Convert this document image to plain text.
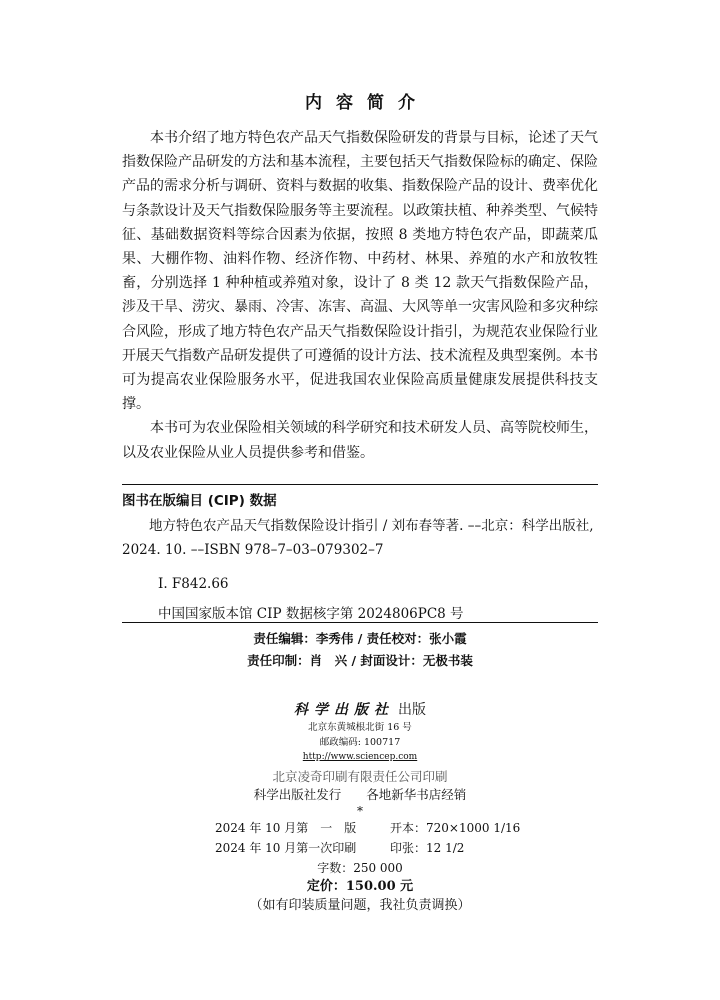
内容简介

本书介绍了地方特色农产品天气指数保险研发的背景与目标，论述了天气指数保险产品研发的方法和基本流程，主要包括天气指数保险标的确定、保险产品的需求分析与调研、资料与数据的收集、指数保险产品的设计、费率优化与条款设计及天气指数保险服务等主要流程。以政策扶植、种养类型、气候特征、基础数据资料等综合因素为依据，按照 8 类地方特色农产品，即蔬菜瓜果、大棚作物、油料作物、经济作物、中药材、林果、养殖的水产和放牧牲畜，分别选择 1 种种植或养殖对象，设计了 8 类 12 款天气指数保险产品，涉及干旱、涝灾、暴雨、冷害、冻害、高温、大风等单一灾害风险和多灾种综合风险，形成了地方特色农产品天气指数保险设计指引，为规范农业保险行业开展天气指数产品研发提供了可遵循的设计方法、技术流程及典型案例。本书可为提高农业保险服务水平，促进我国农业保险高质量健康发展提供科技支撑。

本书可为农业保险相关领域的科学研究和技术研发人员、高等院校师生，以及农业保险从业人员提供参考和借鉴。

图书在版编目 (CIP) 数据
地方特色农产品天气指数保险设计指引 / 刘布春等著. ––北京：科学出版社, 2024. 10. ––ISBN 978–7–03–079302–7
Ⅰ. F842.66
中国国家版本馆 CIP 数据核字第 2024806PC8 号
责任编辑：李秀伟 / 责任校对：张小霞
责任印制：肖　兴 / 封面设计：无极书装
科学出版社 出版
北京东黄城根北街 16 号
邮政编码: 100717
http://www.sciencep.com
北京凌奇印刷有限责任公司印刷
科学出版社发行　　各地新华书店经销
*
2024 年 10 月第　一　版	开本：720×1000 1/16
2024 年 10 月第一次印刷	印张：12 1/2
字数：250 000
定价：150.00 元
（如有印装质量问题，我社负责调换）
